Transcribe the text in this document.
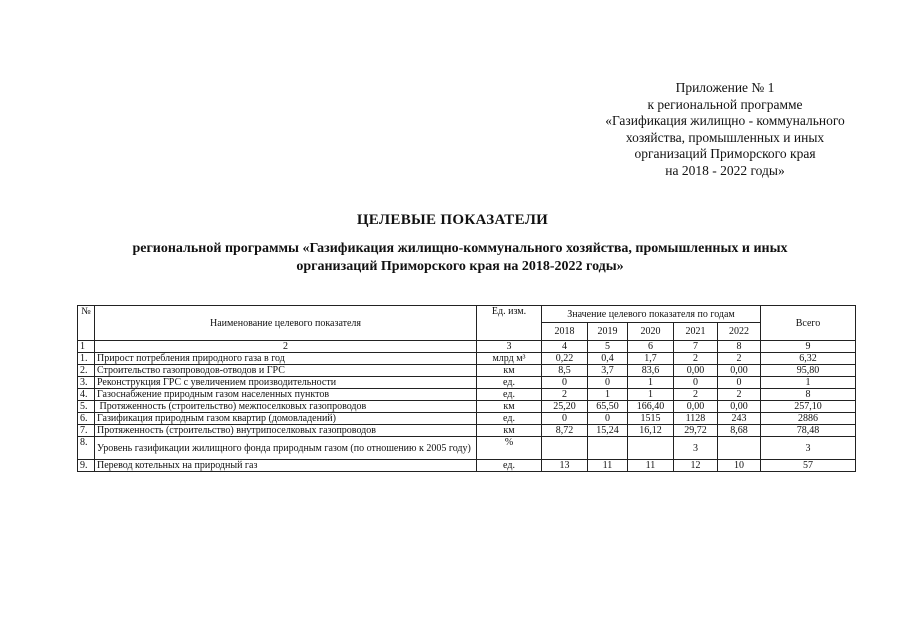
Приложение № 1
к региональной программе
«Газификация жилищно - коммунального
хозяйства, промышленных и иных
организаций Приморского края
на 2018 - 2022 годы»
ЦЕЛЕВЫЕ ПОКАЗАТЕЛИ
региональной программы «Газификация жилищно-коммунального хозяйства, промышленных и иных
организаций Приморского края на 2018-2022 годы»
№	Наименование целевого показателя	Ед. изм.	Значение целевого показателя по годам					Всего
			2018	2019	2020	2021	2022	
1	2	3	4	5	6	7	8	9
1.	Прирост потребления природного газа в год	млрд м³	0,22	0,4	1,7	2	2	6,32
2.	Строительство газопроводов-отводов и ГРС	км	8,5	3,7	83,6	0,00	0,00	95,80
3.	Реконструкция ГРС с увеличением производительности	ед.	0	0	1	0	0	1
4.	Газоснабжение природным газом населенных пунктов	ед.	2	1	1	2	2	8
5.	Протяженность (строительство) межпоселковых газопроводов	км	25,20	65,50	166,40	0,00	0,00	257,10
6.	Газификация природным газом квартир (домовладений)	ед.	0	0	1515	1128	243	2886
7.	Протяженность (строительство) внутрипоселковых газопроводов	км	8,72	15,24	16,12	29,72	8,68	78,48
8.	Уровень газификации жилищного фонда природным газом (по отношению к 2005 году)	%				3		3
9.	Перевод котельных на природный газ	ед.	13	11	11	12	10	57
